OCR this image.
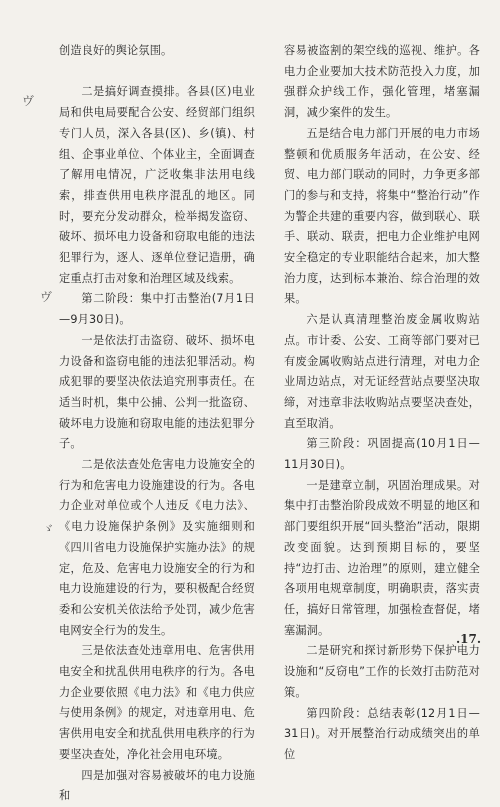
创造良好的舆论氛围。

二是搞好调查摸排。各县(区)电业局和供电局要配合公安、经贸部门组织专门人员，深入各县(区)、乡(镇)、村组、企事业单位、个体业主，全面调查了解用电情况，广泛收集非法用电线索，排查供用电秩序混乱的地区。同时，要充分发动群众，检举揭发盗窃、破坏、损坏电力设备和窃取电能的违法犯罪行为，逐人、逐单位登记造册，确定重点打击对象和治理区域及线索。

第二阶段：集中打击整治(7月1日—9月30日)。

一是依法打击盗窃、破坏、损坏电力设备和盗窃电能的违法犯罪活动。构成犯罪的要坚决依法追究刑事责任。在适当时机，集中公捕、公判一批盗窃、破坏电力设施和窃取电能的违法犯罪分子。

二是依法查处危害电力设施安全的行为和危害电力设施建设的行为。各电力企业对单位或个人违反《电力法》、《电力设施保护条例》及实施细则和《四川省电力设施保护实施办法》的规定，危及、危害电力设施安全的行为和电力设施建设的行为，要积极配合经贸委和公安机关依法给予处罚，减少危害电网安全行为的发生。

三是依法查处违章用电、危害供用电安全和扰乱供用电秩序的行为。各电力企业要依照《电力法》和《电力供应与使用条例》的规定，对违章用电、危害供用电安全和扰乱供用电秩序的行为要坚决查处，净化社会用电环境。

四是加强对容易被破坏的电力设施和

容易被盗割的架空线的巡视、维护。各电力企业要加大技术防范投入力度，加强群众护线工作，强化管理，堵塞漏洞，减少案件的发生。

五是结合电力部门开展的电力市场整顿和优质服务年活动，在公安、经贸、电力部门联动的同时，力争更多部门的参与和支持，将集中“整治行动”作为警企共建的重要内容，做到联心、联手、联动、联责，把电力企业维护电网安全稳定的专业职能结合起来，加大整治力度，达到标本兼治、综合治理的效果。

六是认真清理整治废金属收购站点。市计委、公安、工商等部门要对已有废金属收购站点进行清理，对电力企业周边站点，对无证经营站点要坚决取缔，对违章非法收购站点要坚决查处，直至取消。

第三阶段：巩固提高(10月1日—11月30日)。

一是建章立制，巩固治理成果。对集中打击整治阶段成效不明显的地区和部门要组织开展“回头整治”活动，限期改变面貌。达到预期目标的，要坚持“边打击、边治理”的原则，建立健全各项用电规章制度，明确职责，落实责任，搞好日常管理，加强检查督促，堵塞漏洞。

二是研究和探讨新形势下保护电力设施和“反窃电”工作的长效打击防范对策。

第四阶段：总结表彰(12月1日—31日)。对开展整治行动成绩突出的单位

ヴ
ヴ
ゞ
.17.
